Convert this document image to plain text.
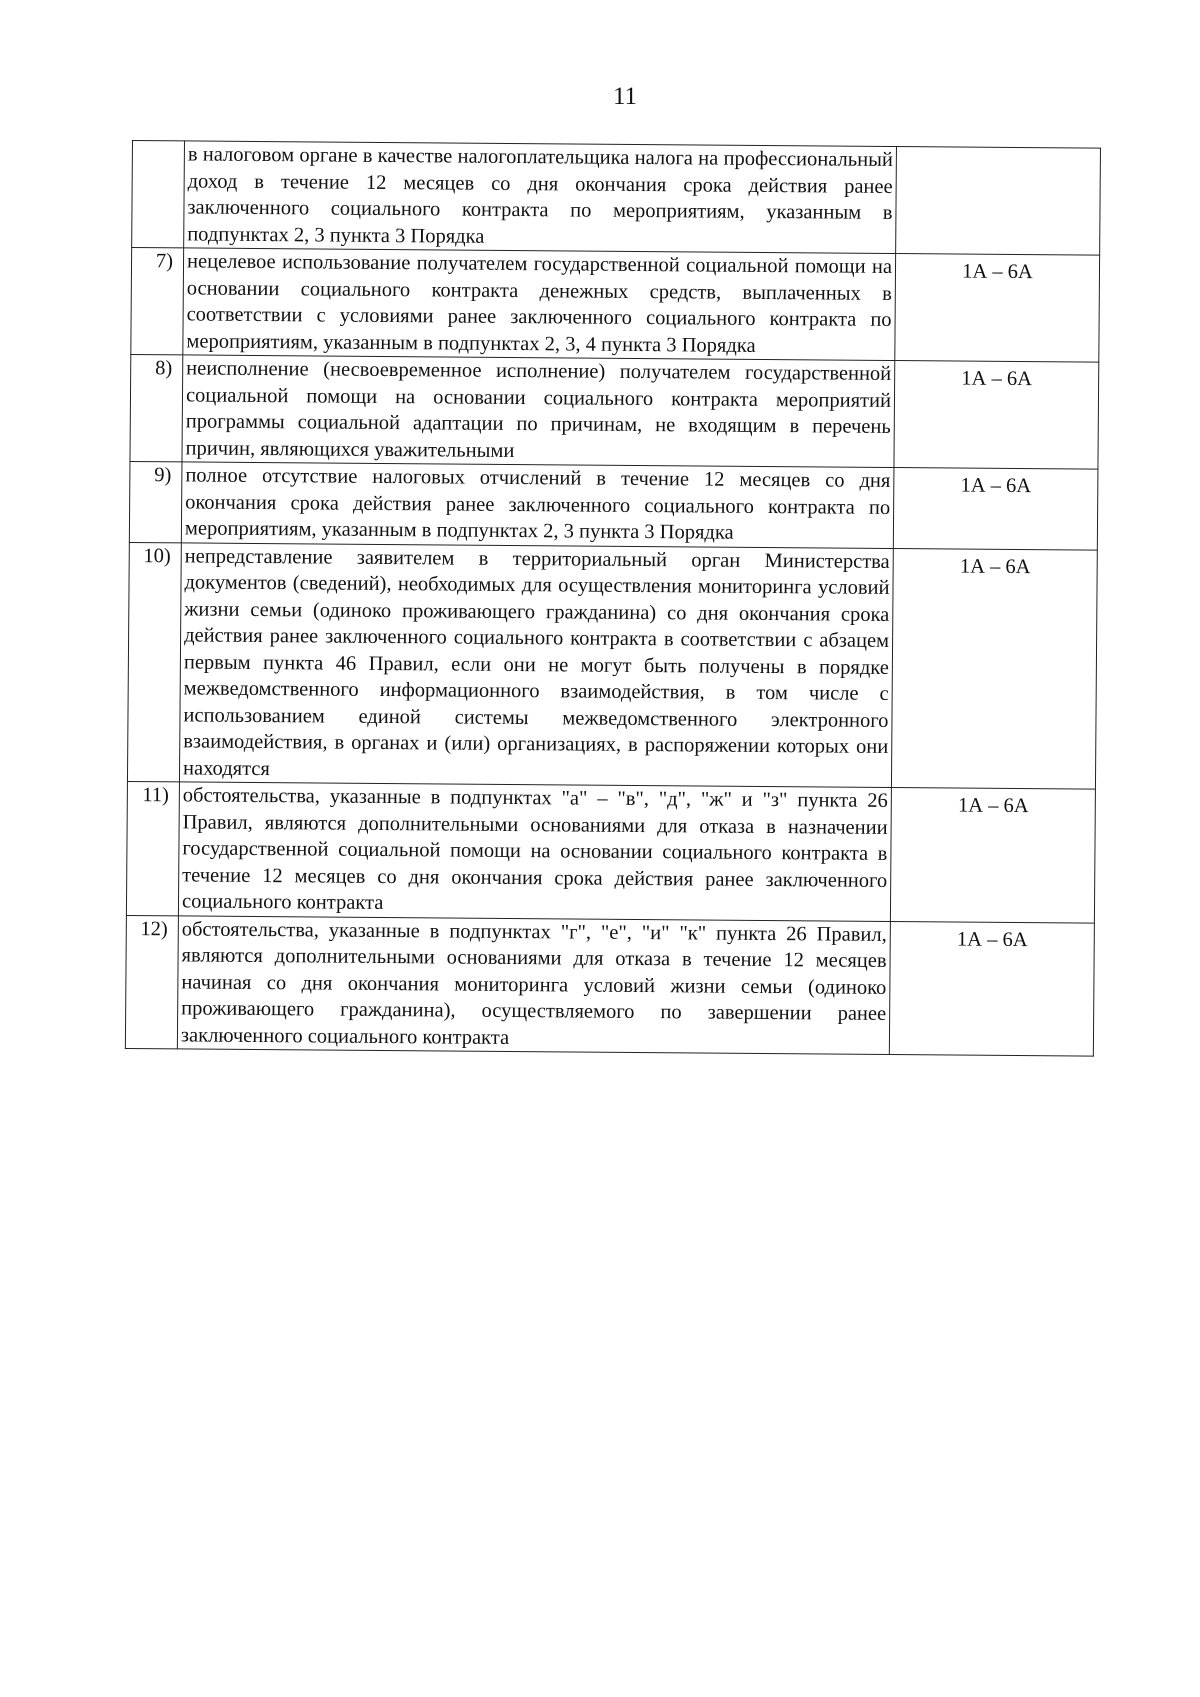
11
	в налоговом органе в качестве налогоплательщика налога на профессиональный доход в течение 12 месяцев со дня окончания срока действия ранее заключенного социального контракта по мероприятиям, указанным в подпунктах 2, 3 пункта 3 Порядка	
7)	нецелевое использование получателем государственной социальной помощи на основании социального контракта денежных средств, выплаченных в соответствии с условиями ранее заключенного социального контракта по мероприятиям, указанным в подпунктах 2, 3, 4 пункта 3 Порядка	1А – 6А
8)	неисполнение (несвоевременное исполнение) получателем государственной социальной помощи на основании социального контракта мероприятий программы социальной адаптации по причинам, не входящим в перечень причин, являющихся уважительными	1А – 6А
9)	полное отсутствие налоговых отчислений в течение 12 месяцев со дня окончания срока действия ранее заключенного социального контракта по мероприятиям, указанным в подпунктах 2, 3 пункта 3 Порядка	1А – 6А
10)	непредставление заявителем в территориальный орган Министерства документов (сведений), необходимых для осуществления мониторинга условий жизни семьи (одиноко проживающего гражданина) со дня окончания срока действия ранее заключенного социального контракта в соответствии с абзацем первым пункта 46 Правил, если они не могут быть получены в порядке межведомственного информационного взаимодействия, в том числе с использованием единой системы межведомственного электронного взаимодействия, в органах и (или) организациях, в распоряжении которых они находятся	1А – 6А
11)	обстоятельства, указанные в подпунктах "а" – "в", "д", "ж" и "з" пункта 26 Правил, являются дополнительными основаниями для отказа в назначении государственной социальной помощи на основании социального контракта в течение 12 месяцев со дня окончания срока действия ранее заключенного социального контракта	1А – 6А
12)	обстоятельства, указанные в подпунктах "г", "е", "и" "к" пункта 26 Правил, являются дополнительными основаниями для отказа в течение 12 месяцев начиная со дня окончания мониторинга условий жизни семьи (одиноко проживающего гражданина), осуществляемого по завершении ранее заключенного социального контракта	1А – 6А
